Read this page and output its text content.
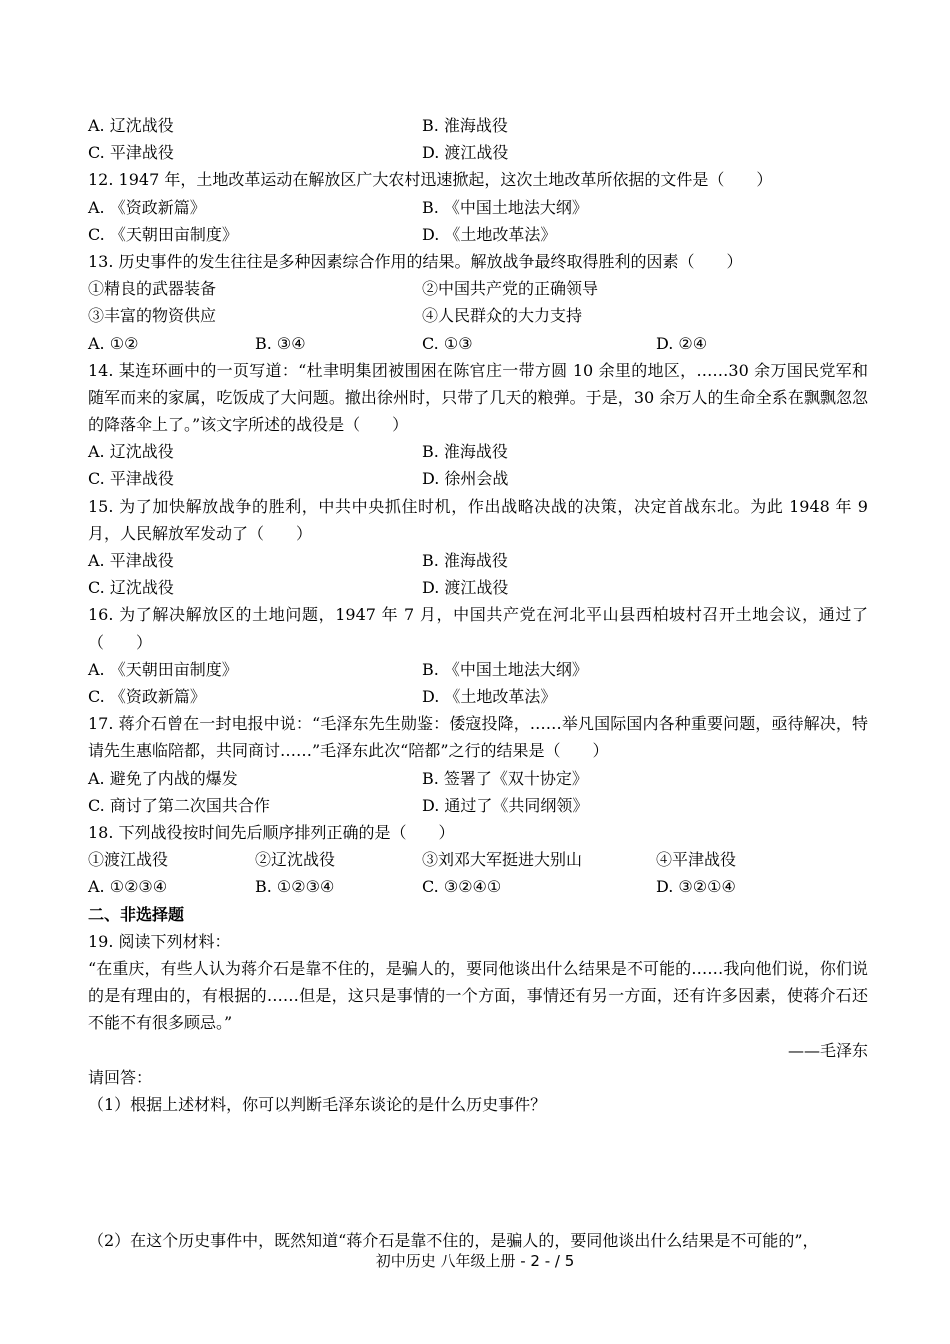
A. 辽沈战役	B. 淮海战役
C. 平津战役	D. 渡江战役
12. 1947 年，土地改革运动在解放区广大农村迅速掀起，这次土地改革所依据的文件是（　　）
A. 《资政新篇》	B. 《中国土地法大纲》
C. 《天朝田亩制度》	D. 《土地改革法》
13. 历史事件的发生往往是多种因素综合作用的结果。解放战争最终取得胜利的因素（　　）
①精良的武器装备	②中国共产党的正确领导
③丰富的物资供应	④人民群众的大力支持
A. ①②	B. ③④	C. ①③	D. ②④
14. 某连环画中的一页写道：“杜聿明集团被围困在陈官庄一带方圆 10 余里的地区，……30 余万国民党军和随军而来的家属，吃饭成了大问题。撤出徐州时，只带了几天的粮弹。于是，30 余万人的生命全系在飘飘忽忽的降落伞上了。”该文字所述的战役是（　　）
A. 辽沈战役	B. 淮海战役
C. 平津战役	D. 徐州会战
15. 为了加快解放战争的胜利，中共中央抓住时机，作出战略决战的决策，决定首战东北。为此 1948 年 9 月，人民解放军发动了（　　）
A. 平津战役	B. 淮海战役
C. 辽沈战役	D. 渡江战役
16. 为了解决解放区的土地问题，1947 年 7 月，中国共产党在河北平山县西柏坡村召开土地会议，通过了（　　）
A. 《天朝田亩制度》	B. 《中国土地法大纲》
C. 《资政新篇》	D. 《土地改革法》
17. 蒋介石曾在一封电报中说：“毛泽东先生勋鉴：倭寇投降，……举凡国际国内各种重要问题，亟待解决，特请先生惠临陪都，共同商讨……”毛泽东此次“陪都”之行的结果是（　　）
A. 避免了内战的爆发	B. 签署了《双十协定》
C. 商讨了第二次国共合作	D. 通过了《共同纲领》
18. 下列战役按时间先后顺序排列正确的是（　　）
①渡江战役	②辽沈战役	③刘邓大军挺进大别山	④平津战役
A. ①②③④	B. ①②③④	C. ③②④①	D. ③②①④
二、非选择题
19. 阅读下列材料：
“在重庆，有些人认为蒋介石是靠不住的，是骗人的，要同他谈出什么结果是不可能的……我向他们说，你们说的是有理由的，有根据的……但是，这只是事情的一个方面，事情还有另一方面，还有许多因素，使蒋介石还不能不有很多顾忌。”
——毛泽东
请回答：
（1）根据上述材料，你可以判断毛泽东谈论的是什么历史事件？
（2）在这个历史事件中，既然知道“蒋介石是靠不住的，是骗人的，要同他谈出什么结果是不可能的”，
初中历史 八年级上册 - 2 - / 5
